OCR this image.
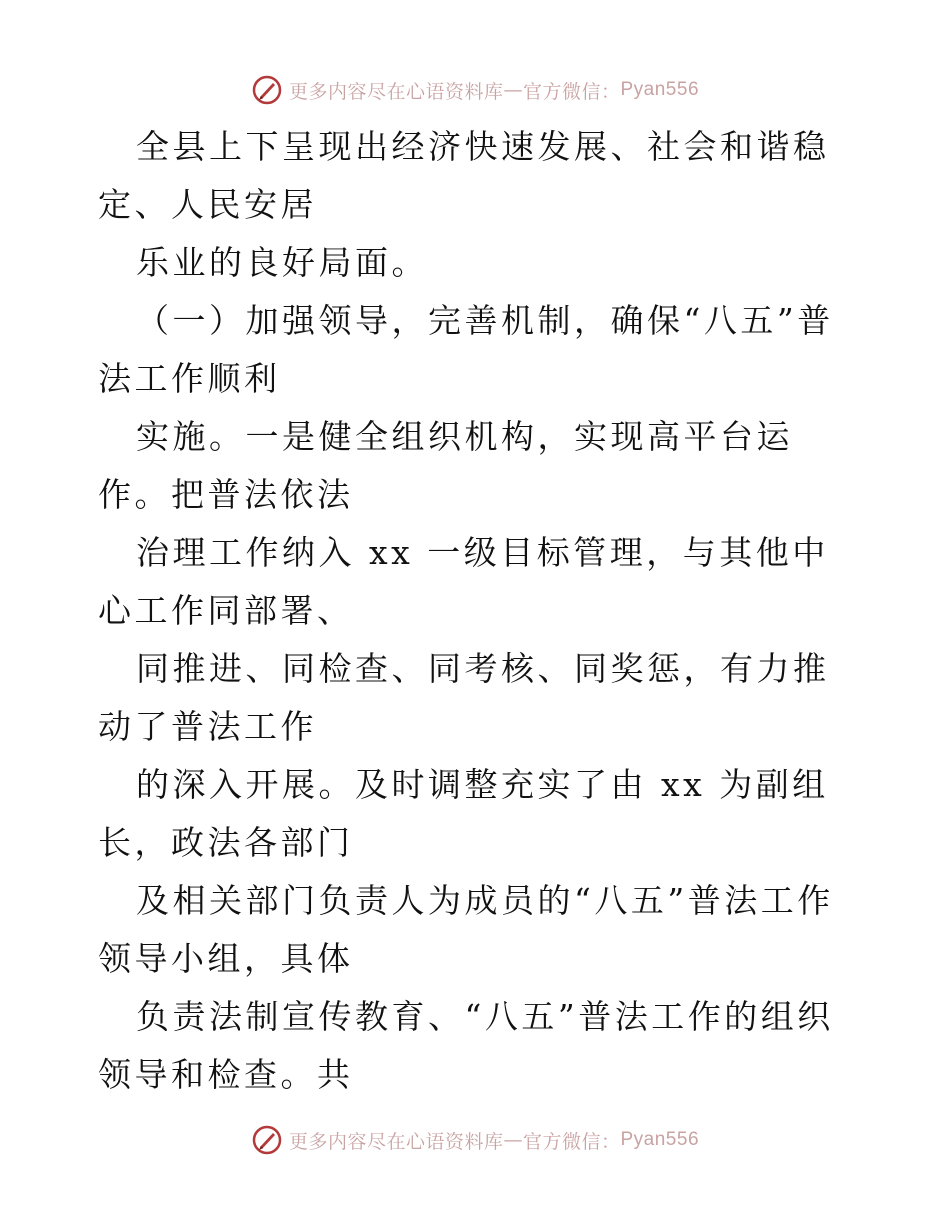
更多内容尽在心语资料库 — 官方微信： Pyan556

全县上下呈现出经济快速发展、社会和谐稳定、人民安居

乐业的良好局面。

（一）加强领导，完善机制，确保“八五”普法工作顺利

实施。一是健全组织机构，实现高平台运作。把普法依法

治理工作纳入 xx 一级目标管理，与其他中心工作同部署、

同推进、同检查、同考核、同奖惩，有力推动了普法工作

的深入开展。及时调整充实了由 xx 为副组长，政法各部门

及相关部门负责人为成员的“八五”普法工作领导小组，具体

负责法制宣传教育、“八五”普法工作的组织领导和检查。共

更多内容尽在心语资料库 — 官方微信： Pyan556
